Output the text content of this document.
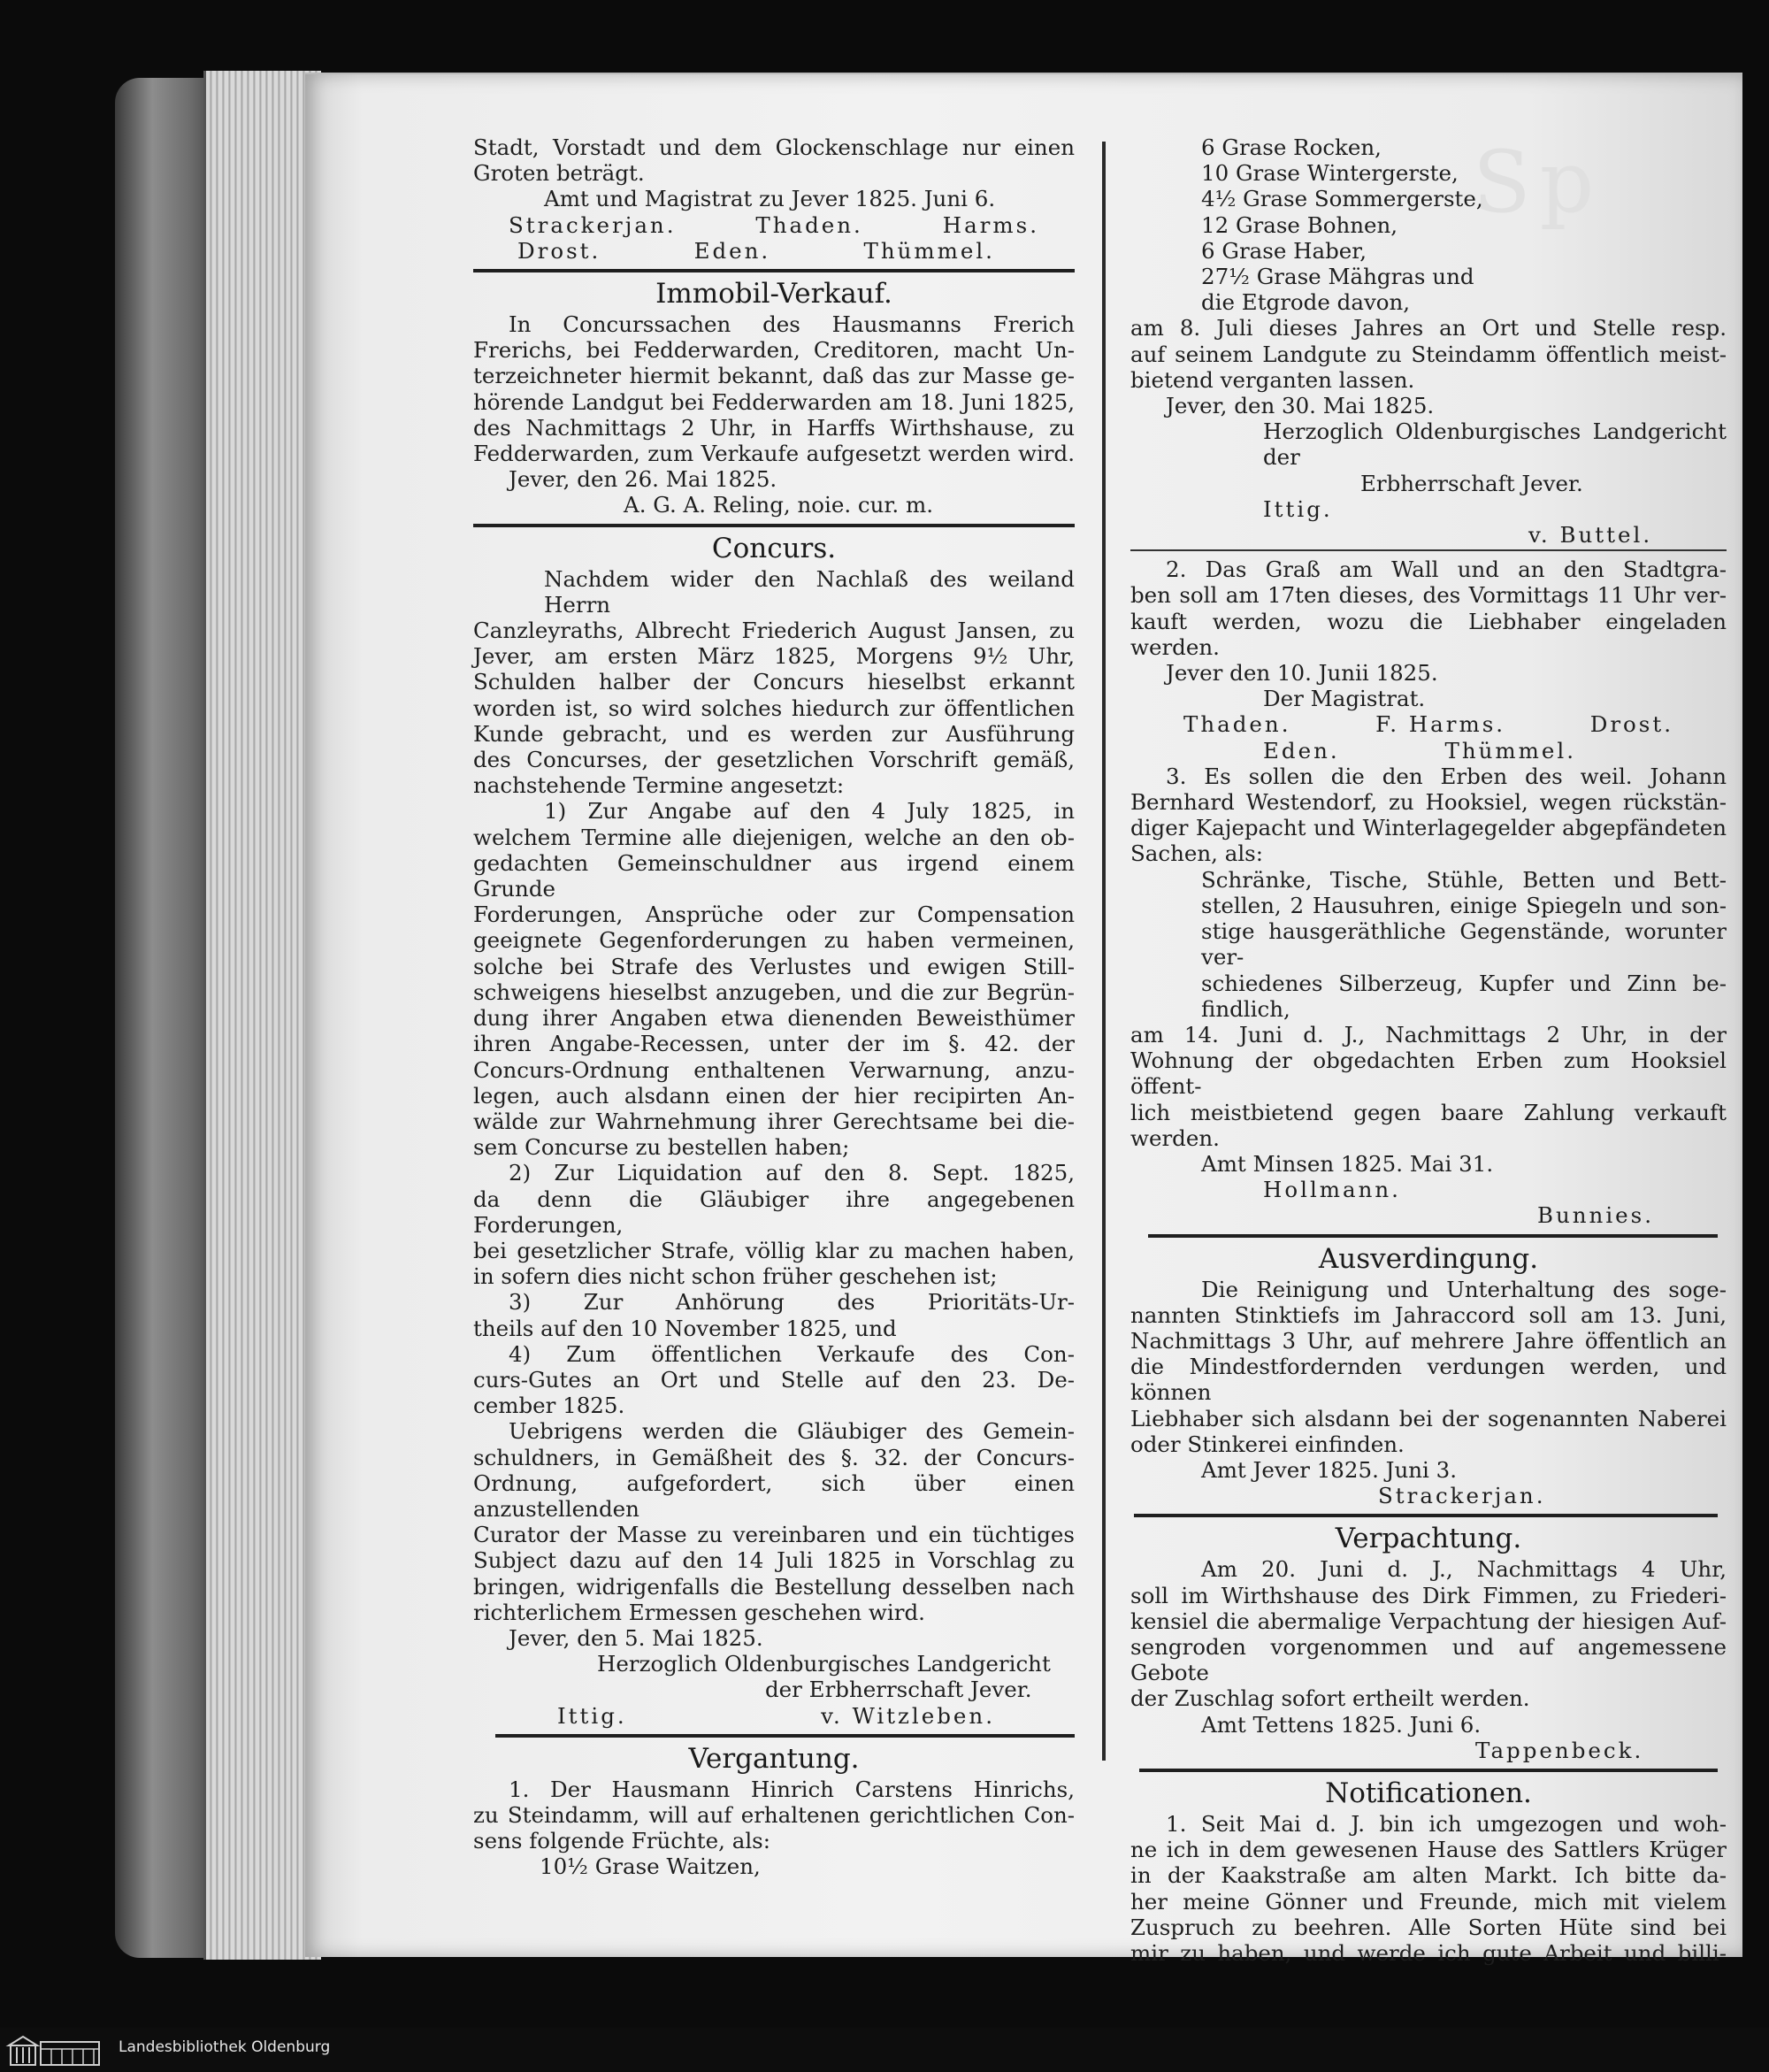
Sp

Stadt, Vorstadt und dem Glockenschlage nur einen

Groten beträgt.

Amt und Magistrat zu Jever 1825. Juni 6.

Strackerjan.	Thaden.	Harms.
Drost.	Eden.	Thümmel.

Immobil-Verkauf.

In Concurssachen des Hausmanns Frerich

Frerichs, bei Fedderwarden, Creditoren, macht Un-

terzeichneter hiermit bekannt, daß das zur Masse ge-

hörende Landgut bei Fedderwarden am 18. Juni 1825,

des Nachmittags 2 Uhr, in Harffs Wirthshause, zu

Fedderwarden, zum Verkaufe aufgesetzt werden wird.

Jever, den 26. Mai 1825.

A. G. A. Reling, noie. cur. m.

Concurs.

Nachdem wider den Nachlaß des weiland Herrn

Canzleyraths, Albrecht Friederich August Jansen, zu

Jever, am ersten März 1825, Morgens 9½ Uhr,

Schulden halber der Concurs hieselbst erkannt

worden ist, so wird solches hiedurch zur öffentlichen

Kunde gebracht, und es werden zur Ausführung

des Concurses, der gesetzlichen Vorschrift gemäß,

nachstehende Termine angesetzt:

1) Zur Angabe auf den 4 July 1825, in

welchem Termine alle diejenigen, welche an den ob-

gedachten Gemeinschuldner aus irgend einem Grunde

Forderungen, Ansprüche oder zur Compensation

geeignete Gegenforderungen zu haben vermeinen,

solche bei Strafe des Verlustes und ewigen Still-

schweigens hieselbst anzugeben, und die zur Begrün-

dung ihrer Angaben etwa dienenden Beweisthümer

ihren Angabe-Recessen, unter der im §. 42. der

Concurs-Ordnung enthaltenen Verwarnung, anzu-

legen, auch alsdann einen der hier recipirten An-

wälde zur Wahrnehmung ihrer Gerechtsame bei die-

sem Concurse zu bestellen haben;

2) Zur Liquidation auf den 8. Sept. 1825,

da denn die Gläubiger ihre angegebenen Forderungen,

bei gesetzlicher Strafe, völlig klar zu machen haben,

in sofern dies nicht schon früher geschehen ist;

3) Zur Anhörung des Prioritäts-Ur-

theils auf den 10 November 1825, und

4) Zum öffentlichen Verkaufe des Con-

curs-Gutes an Ort und Stelle auf den 23. De-

cember 1825.

Uebrigens werden die Gläubiger des Gemein-

schuldners, in Gemäßheit des §. 32. der Concurs-

Ordnung, aufgefordert, sich über einen anzustellenden

Curator der Masse zu vereinbaren und ein tüchtiges

Subject dazu auf den 14 Juli 1825 in Vorschlag zu

bringen, widrigenfalls die Bestellung desselben nach

richterlichem Ermessen geschehen wird.

Jever, den 5. Mai 1825.

Herzoglich Oldenburgisches Landgericht

der Erbherrschaft Jever.

Ittig.	v. Witzleben.

Vergantung.

1. Der Hausmann Hinrich Carstens Hinrichs,

zu Steindamm, will auf erhaltenen gerichtlichen Con-

sens folgende Früchte, als:

10½ Grase Waitzen,

6 Grase Rocken,

10 Grase Wintergerste,

4½ Grase Sommergerste,

12 Grase Bohnen,

6 Grase Haber,

27½ Grase Mähgras und

die Etgrode davon,

am 8. Juli dieses Jahres an Ort und Stelle resp.

auf seinem Landgute zu Steindamm öffentlich meist-

bietend verganten lassen.

Jever, den 30. Mai 1825.

Herzoglich Oldenburgisches Landgericht der

Erbherrschaft Jever.

Ittig.

v. Buttel.

2. Das Graß am Wall und an den Stadtgra-

ben soll am 17ten dieses, des Vormittags 11 Uhr ver-

kauft werden, wozu die Liebhaber eingeladen werden.

Jever den 10. Junii 1825.

Der Magistrat.

Thaden.	F. Harms.	Drost.
Eden.	Thümmel.

3. Es sollen die den Erben des weil. Johann

Bernhard Westendorf, zu Hooksiel, wegen rückstän-

diger Kajepacht und Winterlagegelder abgepfändeten

Sachen, als:

Schränke, Tische, Stühle, Betten und Bett-

stellen, 2 Hausuhren, einige Spiegeln und son-

stige hausgeräthliche Gegenstände, worunter ver-

schiedenes Silberzeug, Kupfer und Zinn be-

findlich,

am 14. Juni d. J., Nachmittags 2 Uhr, in der

Wohnung der obgedachten Erben zum Hooksiel öffent-

lich meistbietend gegen baare Zahlung verkauft werden.

Amt Minsen 1825. Mai 31.

Hollmann.

Bunnies.

Ausverdingung.

Die Reinigung und Unterhaltung des soge-

nannten Stinktiefs im Jahraccord soll am 13. Juni,

Nachmittags 3 Uhr, auf mehrere Jahre öffentlich an

die Mindestfordernden verdungen werden, und können

Liebhaber sich alsdann bei der sogenannten Naberei

oder Stinkerei einfinden.

Amt Jever 1825. Juni 3.

Strackerjan.

Verpachtung.

Am 20. Juni d. J., Nachmittags 4 Uhr,

soll im Wirthshause des Dirk Fimmen, zu Friederi-

kensiel die abermalige Verpachtung der hiesigen Auf-

sengroden vorgenommen und auf angemessene Gebote

der Zuschlag sofort ertheilt werden.

Amt Tettens 1825. Juni 6.

Tappenbeck.

Notificationen.

1. Seit Mai d. J. bin ich umgezogen und woh-

ne ich in dem gewesenen Hause des Sattlers Krüger

in der Kaakstraße am alten Markt. Ich bitte da-

her meine Gönner und Freunde, mich mit vielem

Zuspruch zu beehren. Alle Sorten Hüte sind bei

mir zu haben, und werde ich gute Arbeit und billi-

Landesbibliothek Oldenburg
